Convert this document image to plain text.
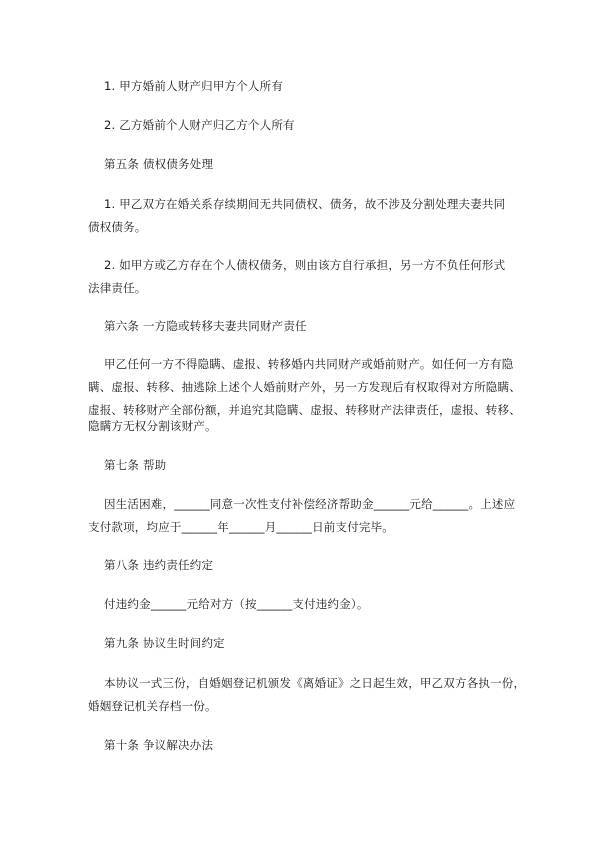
1. 甲方婚前人财产归甲方个人所有
2. 乙方婚前个人财产归乙方个人所有
第五条 债权债务处理
1. 甲乙双方在婚关系存续期间无共同债权、债务，故不涉及分割处理夫妻共同
债权债务。
2. 如甲方或乙方存在个人债权债务，则由该方自行承担，另一方不负任何形式
法律责任。
第六条 一方隐或转移夫妻共同财产责任
甲乙任何一方不得隐瞒、虚报、转移婚内共同财产或婚前财产。如任何一方有隐
瞒、虚报、转移、抽逃除上述个人婚前财产外，另一方发现后有权取得对方所隐瞒、
虚报、转移财产全部份额，并追究其隐瞒、虚报、转移财产法律责任，虚报、转移、
隐瞒方无权分割该财产。
第七条 帮助
因生活困难，______同意一次性支付补偿经济帮助金______元给______。上述应
支付款项，均应于______年______月______日前支付完毕。
第八条 违约责任约定
付违约金______元给对方（按______支付违约金）。
第九条 协议生时间约定
本协议一式三份，自婚姻登记机颁发《离婚证》之日起生效，甲乙双方各执一份，
婚姻登记机关存档一份。
第十条 争议解决办法
